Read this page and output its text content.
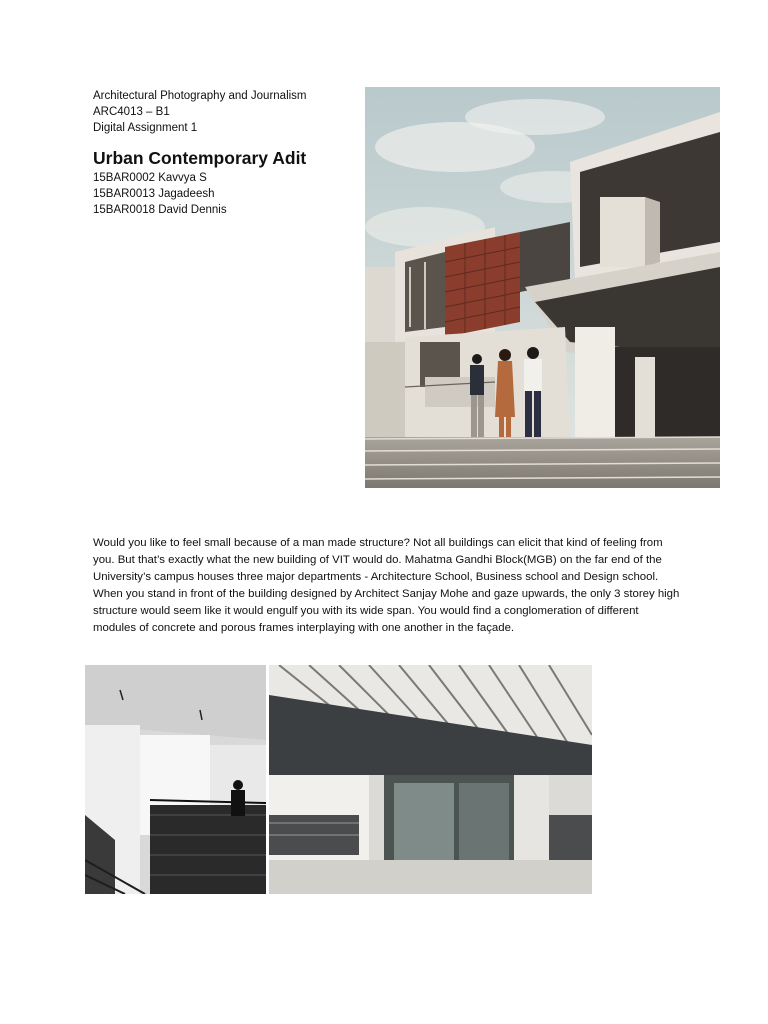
Architectural Photography and Journalism

ARC4013 – B1

Digital Assignment 1

Urban Contemporary Adit

15BAR0002 Kavvya S

15BAR0013 Jagadeesh

15BAR0018 David Dennis

Would you like to feel small because of a man made structure? Not all buildings can elicit that kind of feeling from you. But that’s exactly what the new building of VIT would do. Mahatma Gandhi Block(MGB) on the far end of the University’s campus houses three major departments - Architecture School, Business school and Design school. When you stand in front of the building designed by Architect Sanjay Mohe and gaze upwards, the only 3 storey high structure would seem like it would engulf you with its wide span. You would find a conglomeration of different modules of concrete and porous frames interplaying with one another in the façade.
